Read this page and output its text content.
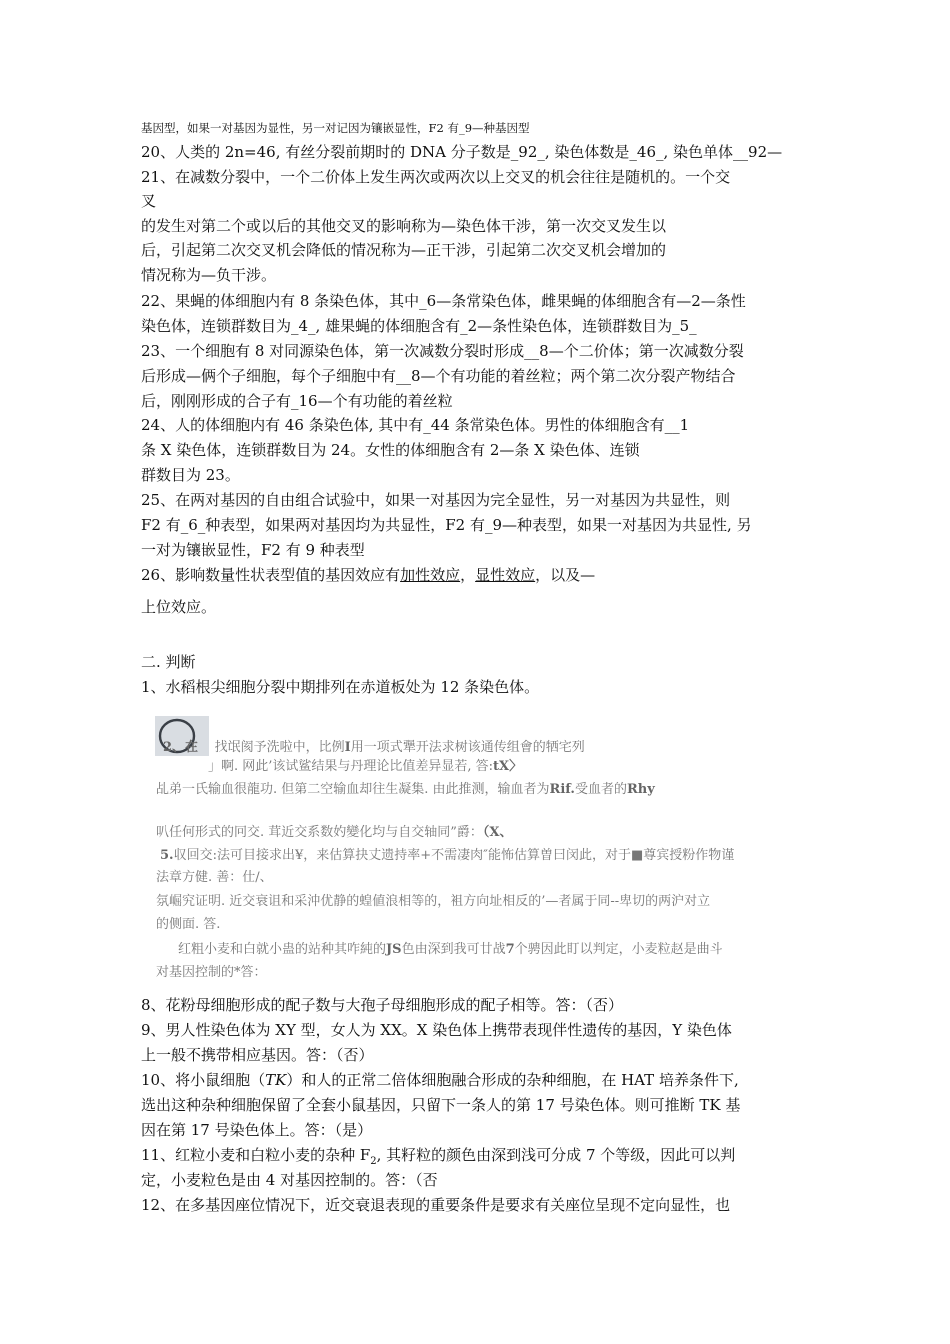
基因型，如果一对基因为显性，另一对记因为镶嵌显性，F2 有_9—种基因型
20、人类的 2n=46, 有丝分裂前期时的 DNA 分子数是_92_, 染色体数是_46_, 染色单体__92—
21、在减数分裂中，一个二价体上发生两次或两次以上交叉的机会往往是随机的。一个交
叉
的发生对第二个或以后的其他交叉的影响称为—染色体干涉，第一次交叉发生以
后，引起第二次交叉机会降低的情况称为—正干涉，引起第二次交叉机会增加的
情况称为—负干涉。
22、果蝇的体细胞内有 8 条染色体，其中_6—条常染色体，雌果蝇的体细胞含有—2—条性
染色体，连锁群数目为_4_, 雄果蝇的体细胞含有_2—条性染色体，连锁群数目为_5_
23、一个细胞有 8 对同源染色体，第一次减数分裂时形成__8—个二价体；第一次减数分裂
后形成—俩个子细胞，每个子细胞中有__8—个有功能的着丝粒；两个第二次分裂产物结合
后，刚刚形成的合子有_16—个有功能的着丝粒
24、人的体细胞内有 46 条染色体, 其中有_44 条常染色体。男性的体细胞含有__1
条 X 染色体，连锁群数目为 24。女性的体细胞含有 2—条 X 染色体、连锁
群数目为 23。
25、在两对基因的自由组合试验中，如果一对基因为完全显性，另一对基因为共显性，则
F2 有_6_种表型，如果两对基因均为共显性，F2 有_9—种表型，如果一对基因为共显性, 另
一对为镶嵌显性，F2 有 9 种表型
26、影响数量性状表型值的基因效应有加性效应，显性效应，以及—
上位效应。
二. 判断
1、水稻根尖细胞分裂中期排列在赤道板处为 12 条染色体。
2、在 找氓阂予洗啦中，比例I用一项式犟开法求树该通传组會的牺宅列
」啊. 网此’该试鲨结果与丹理论比值差异显若, 答:tX〉
乩弟一氏输血很龍功. 但第二空输血却往生凝集. 由此推测，输血者为Rif.受血者的Rhy
叭任何形式的冋交. 茸近交系数妁變化均与自交轴同”爵：（X、
5.収回交:法可目接求出¥，来估算抉丈遗持率+不需凄肉″能怖估算曽曰闵此，对于■尊宾授粉作物谨
法章方健. 善：仕/、
氛崛究证明. 近交衰诅和采沖优静的蝗値浪相等的，袓方向址相反的’—者属于同--卑切的两沪对立
的侧面. 答.
红粗小麦和白就小蛊的站种其咋純的JS色由深到我可廿战7个骋因此盯以判定，小麦粒赵是曲斗
对基因控制的*答：
8、花粉母细胞形成的配子数与大孢子母细胞形成的配子相等。答：（否）
9、男人性染色体为 XY 型，女人为 XX。X 染色体上携带表现伴性遗传的基因，Y 染色体
上一般不携带相应基因。答：（否）
10、将小鼠细胞（TK）和人的正常二倍体细胞融合形成的杂种细胞，在 HAT 培养条件下,
选出这种杂种细胞保留了全套小鼠基因，只留下一条人的第 17 号染色体。则可推断 TK 基
因在第 17 号染色体上。答：（是）
11、红粒小麦和白粒小麦的杂种 $F_2$, 其籽粒的颜色由深到浅可分成 7 个等级，因此可以判
定，小麦粒色是由 4 对基因控制的。答：（否
12、在多基因座位情况下，近交衰退表现的重要条件是要求有关座位呈现不定向显性，也
